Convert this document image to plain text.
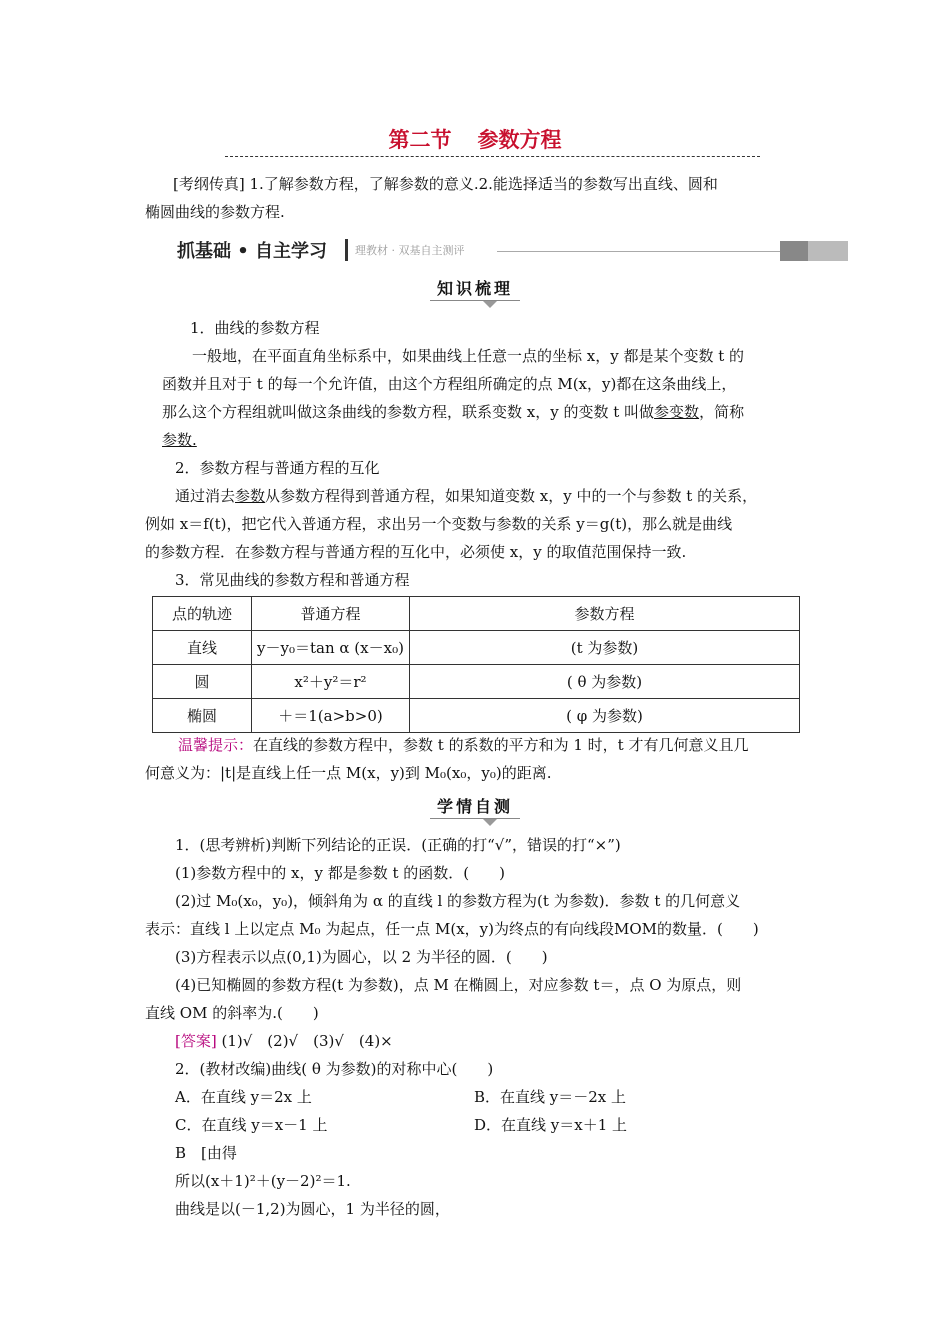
第二节 参数方程
[考纲传真] 1.了解参数方程，了解参数的意义.2.能选择适当的参数写出直线、圆和
椭圆曲线的参数方程.
抓基础 • 自主学习	理教材 · 双基自主测评
知识梳理
1．曲线的参数方程
一般地，在平面直角坐标系中，如果曲线上任意一点的坐标 x，y 都是某个变数 t 的
函数并且对于 t 的每一个允许值，由这个方程组所确定的点 M(x，y)都在这条曲线上，
那么这个方程组就叫做这条曲线的参数方程，联系变数 x，y 的变数 t 叫做参变数，简称
参数.
2．参数方程与普通方程的互化
通过消去参数从参数方程得到普通方程，如果知道变数 x，y 中的一个与参数 t 的关系，
例如 x＝f(t)，把它代入普通方程，求出另一个变数与参数的关系 y＝g(t)，那么就是曲线
的参数方程．在参数方程与普通方程的互化中，必须使 x，y 的取值范围保持一致.
3．常见曲线的参数方程和普通方程
点的轨迹	普通方程	参数方程
直线	y－y₀＝tan α (x－x₀)	(t 为参数)
圆	x²＋y²＝r²	( θ 为参数)
椭圆	＋＝1(a>b>0)	( φ 为参数)
温馨提示：在直线的参数方程中，参数 t 的系数的平方和为 1 时，t 才有几何意义且几
何意义为：|t|是直线上任一点 M(x，y)到 M₀(x₀，y₀)的距离.
学情自测
1．(思考辨析)判断下列结论的正误．(正确的打“√”，错误的打“×”)
(1)参数方程中的 x，y 都是参数 t 的函数．(　　)
(2)过 M₀(x₀，y₀)，倾斜角为 α 的直线 l 的参数方程为(t 为参数)．参数 t 的几何意义
表示：直线 l 上以定点 M₀ 为起点，任一点 M(x，y)为终点的有向线段MOM的数量．(　　)
(3)方程表示以点(0,1)为圆心，以 2 为半径的圆．(　　)
(4)已知椭圆的参数方程(t 为参数)，点 M 在椭圆上，对应参数 t＝，点 O 为原点，则
直线 OM 的斜率为.(　　)
[答案] (1)√　(2)√　(3)√　(4)×
2．(教材改编)曲线( θ 为参数)的对称中心(　　)
A．在直线 y＝2x 上	B．在直线 y＝－2x 上
C．在直线 y＝x－1 上	D．在直线 y＝x＋1 上
B　[由得
所以(x＋1)²＋(y－2)²＝1.
曲线是以(－1,2)为圆心，1 为半径的圆，
